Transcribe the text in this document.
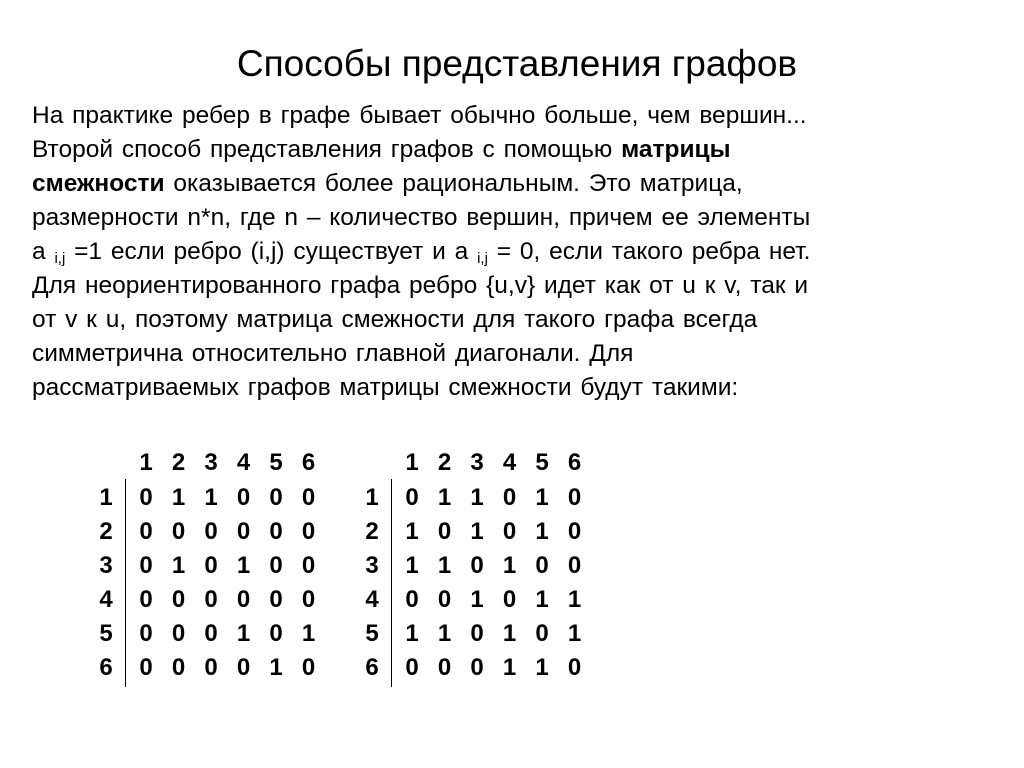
Способы представления графов
На практике ребер в графе бывает обычно больше, чем вершин...
Второй способ представления графов с помощью матрицы
смежности оказывается более рациональным. Это матрица,
размерности n*n, где n – количество вершин, причем ее элементы
a $_{i,j}$ =1 если ребро (i,j) существует и a $_{i,j}$ = 0, если такого ребра нет.
Для неориентированного графа ребро {u,v} идет как от u к v, так и
от v к u, поэтому матрица смежности для такого графа всегда
симметрична относительно главной диагонали. Для
рассматриваемых графов матрицы смежности будут такими:
1 2 3 4 5 6
1
2
3
4
5
6
0 1 1 0 0 0
0 0 0 0 0 0
0 1 0 1 0 0
0 0 0 0 0 0
0 0 0 1 0 1
0 0 0 0 1 0
1 2 3 4 5 6
1
2
3
4
5
6
0 1 1 0 1 0
1 0 1 0 1 0
1 1 0 1 0 0
0 0 1 0 1 1
1 1 0 1 0 1
0 0 0 1 1 0
